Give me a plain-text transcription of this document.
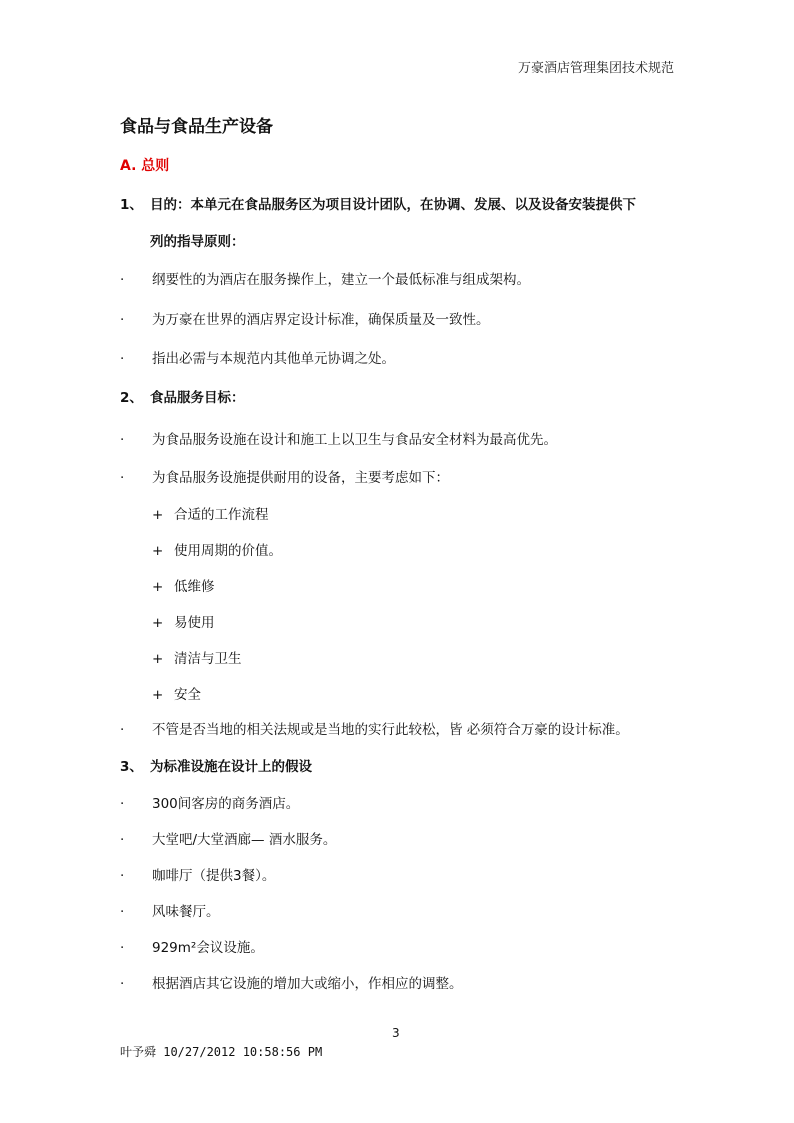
万豪酒店管理集团技术规范
食品与食品生产设备
A. 总则
1、 目的：本单元在食品服务区为项目设计团队，在协调、发展、以及设备安装提供下
列的指导原则：
· 纲要性的为酒店在服务操作上，建立一个最低标准与组成架构。
· 为万豪在世界的酒店界定设计标准，确保质量及一致性。
· 指出必需与本规范内其他单元协调之处。
2、 食品服务目标：
· 为食品服务设施在设计和施工上以卫生与食品安全材料为最高优先。
· 为食品服务设施提供耐用的设备，主要考虑如下：
+ 合适的工作流程
+ 使用周期的价值。
+ 低维修
+ 易使用
+ 清洁与卫生
+ 安全
· 不管是否当地的相关法规或是当地的实行此较松，皆 必须符合万豪的设计标准。
3、 为标准设施在设计上的假设
· 300间客房的商务酒店。
· 大堂吧/大堂酒廊— 酒水服务。
· 咖啡厅（提供3餐）。
· 风味餐厅。
· 929m²会议设施。
· 根据酒店其它设施的增加大或缩小，作相应的调整。
3
叶予舜 10/27/2012 10:58:56 PM
